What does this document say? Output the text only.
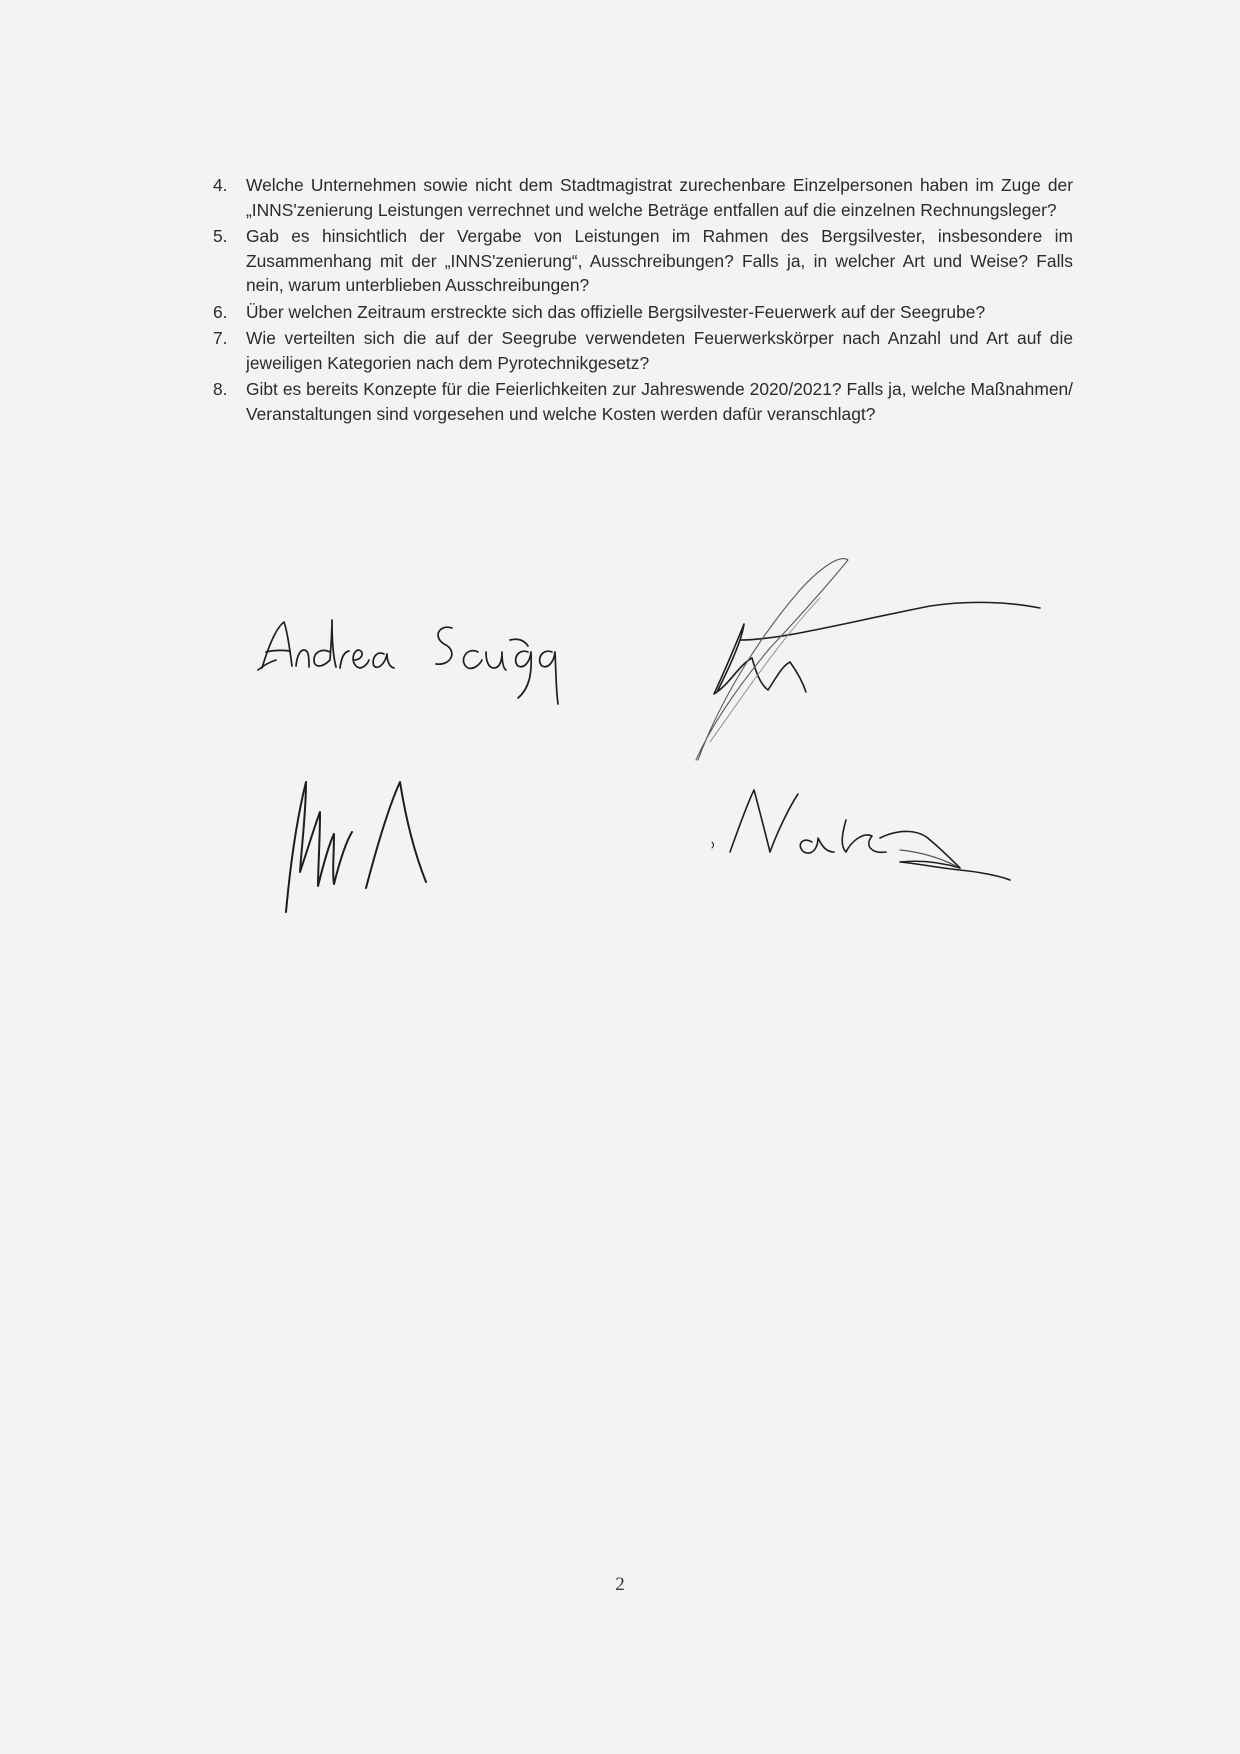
4. Welche Unternehmen sowie nicht dem Stadtmagistrat zurechenbare Einzelpersonen haben im Zuge der „INNS'zenierung Leistungen verrechnet und welche Beträge entfallen auf die einzelnen Rechnungsleger?
5. Gab es hinsichtlich der Vergabe von Leistungen im Rahmen des Bergsilvester, insbesondere im Zusammenhang mit der „INNS'zenierung“, Ausschreibungen? Falls ja, in welcher Art und Weise? Falls nein, warum unterblieben Ausschreibungen?
6. Über welchen Zeitraum erstreckte sich das offizielle Bergsilvester-Feuerwerk auf der Seegrube?
7. Wie verteilten sich die auf der Seegrube verwendeten Feuerwerkskörper nach Anzahl und Art auf die jeweiligen Kategorien nach dem Pyrotechnikgesetz?
8. Gibt es bereits Konzepte für die Feierlichkeiten zur Jahreswende 2020/2021? Falls ja, welche Maßnahmen/ Veranstaltungen sind vorgesehen und welche Kosten werden dafür veranschlagt?
2
